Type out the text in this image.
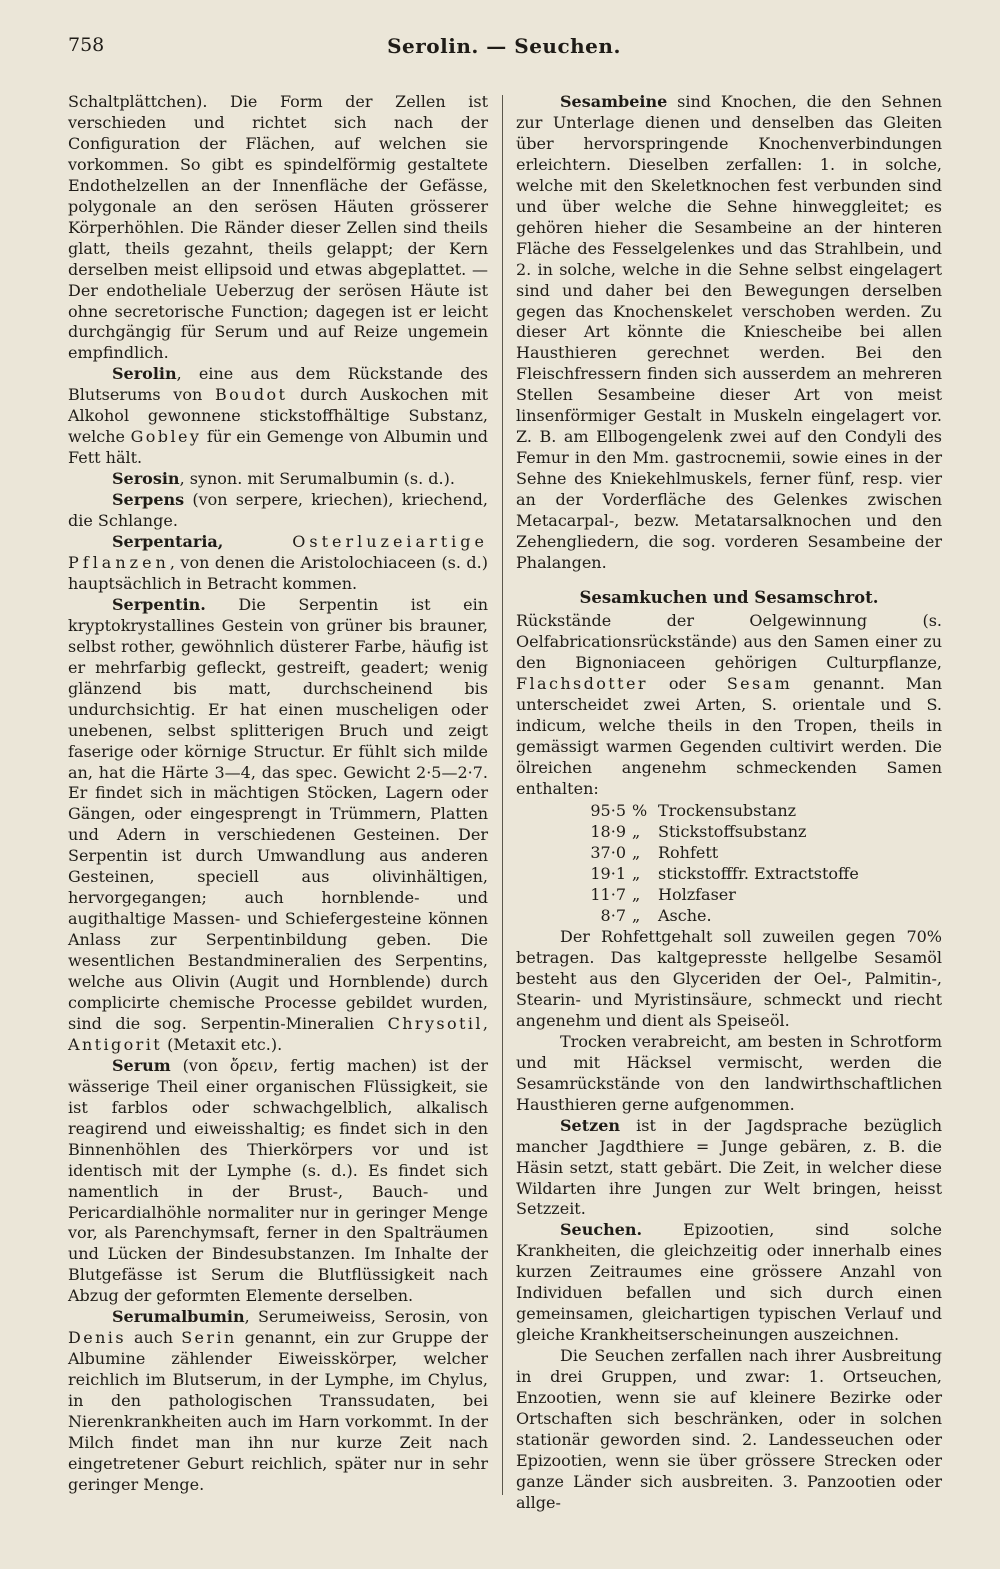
758	Serolin. — Seuchen.

Schaltplättchen). Die Form der Zellen ist verschieden und richtet sich nach der Configuration der Flächen, auf welchen sie vorkommen. So gibt es spindelförmig gestaltete Endothelzellen an der Innenfläche der Gefässe, polygonale an den serösen Häuten grösserer Körperhöhlen. Die Ränder dieser Zellen sind theils glatt, theils gezahnt, theils gelappt; der Kern derselben meist ellipsoid und etwas abgeplattet. — Der endotheliale Ueberzug der serösen Häute ist ohne secretorische Function; dagegen ist er leicht durchgängig für Serum und auf Reize ungemein empfindlich.

Serolin, eine aus dem Rückstande des Blutserums von Boudot durch Auskochen mit Alkohol gewonnene stickstoffhältige Substanz, welche Gobley für ein Gemenge von Albumin und Fett hält.

Serosin, synon. mit Serumalbumin (s. d.).

Serpens (von serpere, kriechen), kriechend, die Schlange.

Serpentaria,	Osterluzeiartige Pflanzen, von denen die Aristolochiaceen (s. d.) hauptsächlich in Betracht kommen.

Serpentin. Die Serpentin ist ein kryptokrystallines Gestein von grüner bis brauner, selbst rother, gewöhnlich düsterer Farbe, häufig ist er mehrfarbig gefleckt, gestreift, geadert; wenig glänzend bis matt, durchscheinend bis undurchsichtig. Er hat einen muscheligen oder unebenen, selbst splitterigen Bruch und zeigt faserige oder körnige Structur. Er fühlt sich milde an, hat die Härte 3—4, das spec. Gewicht 2·5—2·7. Er findet sich in mächtigen Stöcken, Lagern oder Gängen, oder eingesprengt in Trümmern, Platten und Adern in verschiedenen Gesteinen. Der Serpentin ist durch Umwandlung aus anderen Gesteinen, speciell aus olivinhältigen, hervorgegangen; auch hornblende- und augithaltige Massen- und Schiefergesteine können Anlass zur Serpentinbildung geben. Die wesentlichen Bestandmineralien des Serpentins, welche aus Olivin (Augit und Hornblende) durch complicirte chemische Processe gebildet wurden, sind die sog. Serpentin-Mineralien Chrysotil, Antigorit (Metaxit etc.).

Serum (von ὄρειν, fertig machen) ist der wässerige Theil einer organischen Flüssigkeit, sie ist farblos oder schwachgelblich, alkalisch reagirend und eiweisshaltig; es findet sich in den Binnenhöhlen des Thierkörpers vor und ist identisch mit der Lymphe (s. d.). Es findet sich namentlich in der Brust-, Bauch- und Pericardialhöhle normaliter nur in geringer Menge vor, als Parenchymsaft, ferner in den Spalträumen und Lücken der Bindesubstanzen. Im Inhalte der Blutgefässe ist Serum die Blutflüssigkeit nach Abzug der geformten Elemente derselben.

Serumalbumin, Serumeiweiss, Serosin, von Denis auch Serin genannt, ein zur Gruppe der Albumine zählender Eiweisskörper, welcher reichlich im Blutserum, in der Lymphe, im Chylus, in den pathologischen Transsudaten, bei Nierenkrankheiten auch im Harn vorkommt. In der Milch findet man ihn nur kurze Zeit nach eingetretener Geburt reichlich, später nur in sehr geringer Menge.

Sesambeine sind Knochen, die den Sehnen zur Unterlage dienen und denselben das Gleiten über hervorspringende Knochenverbindungen erleichtern. Dieselben zerfallen: 1. in solche, welche mit den Skeletknochen fest verbunden sind und über welche die Sehne hinweggleitet; es gehören hieher die Sesambeine an der hinteren Fläche des Fesselgelenkes und das Strahlbein, und 2. in solche, welche in die Sehne selbst eingelagert sind und daher bei den Bewegungen derselben gegen das Knochenskelet verschoben werden. Zu dieser Art könnte die Kniescheibe bei allen Hausthieren gerechnet werden. Bei den Fleischfressern finden sich ausserdem an mehreren Stellen Sesambeine dieser Art von meist linsenförmiger Gestalt in Muskeln eingelagert vor. Z. B. am Ellbogengelenk zwei auf den Condyli des Femur in den Mm. gastrocnemii, sowie eines in der Sehne des Kniekehlmuskels, ferner fünf, resp. vier an der Vorderfläche des Gelenkes zwischen Metacarpal-, bezw. Metatarsalknochen und den Zehengliedern, die sog. vorderen Sesambeine der Phalangen.

Sesamkuchen und Sesamschrot.

Rückstände der Oelgewinnung (s. Oelfabricationsrückstände) aus den Samen einer zu den Bignoniaceen gehörigen Culturpflanze, Flachsdotter oder Sesam genannt. Man unterscheidet zwei Arten, S. orientale und S. indicum, welche theils in den Tropen, theils in gemässigt warmen Gegenden cultivirt werden. Die ölreichen angenehm schmeckenden Samen enthalten:

95·5 % Trockensubstanz
18·9 „	Stickstoffsubstanz
37·0 „	Rohfett
19·1 „	stickstofffr. Extractstoffe
11·7 „	Holzfaser
8·7 „	Asche.

Der Rohfettgehalt soll zuweilen gegen 70% betragen. Das kaltgepresste hellgelbe Sesamöl besteht aus den Glyceriden der Oel-, Palmitin-, Stearin- und Myristinsäure, schmeckt und riecht angenehm und dient als Speiseöl.

Trocken verabreicht, am besten in Schrotform und mit Häcksel vermischt, werden die Sesamrückstände von den landwirthschaftlichen Hausthieren gerne aufgenommen.

Setzen ist in der Jagdsprache bezüglich mancher Jagdthiere = Junge gebären, z. B. die Häsin setzt, statt gebärt. Die Zeit, in welcher diese Wildarten ihre Jungen zur Welt bringen, heisst Setzzeit.

Seuchen. Epizootien, sind solche Krankheiten, die gleichzeitig oder innerhalb eines kurzen Zeitraumes eine grössere Anzahl von Individuen befallen und sich durch einen gemeinsamen, gleichartigen typischen Verlauf und gleiche Krankheitserscheinungen auszeichnen.

Die Seuchen zerfallen nach ihrer Ausbreitung in drei Gruppen, und zwar: 1. Ortseuchen, Enzootien, wenn sie auf kleinere Bezirke oder Ortschaften sich beschränken, oder in solchen stationär geworden sind. 2. Landesseuchen oder Epizootien, wenn sie über grössere Strecken oder ganze Länder sich ausbreiten. 3. Panzootien oder allge-
